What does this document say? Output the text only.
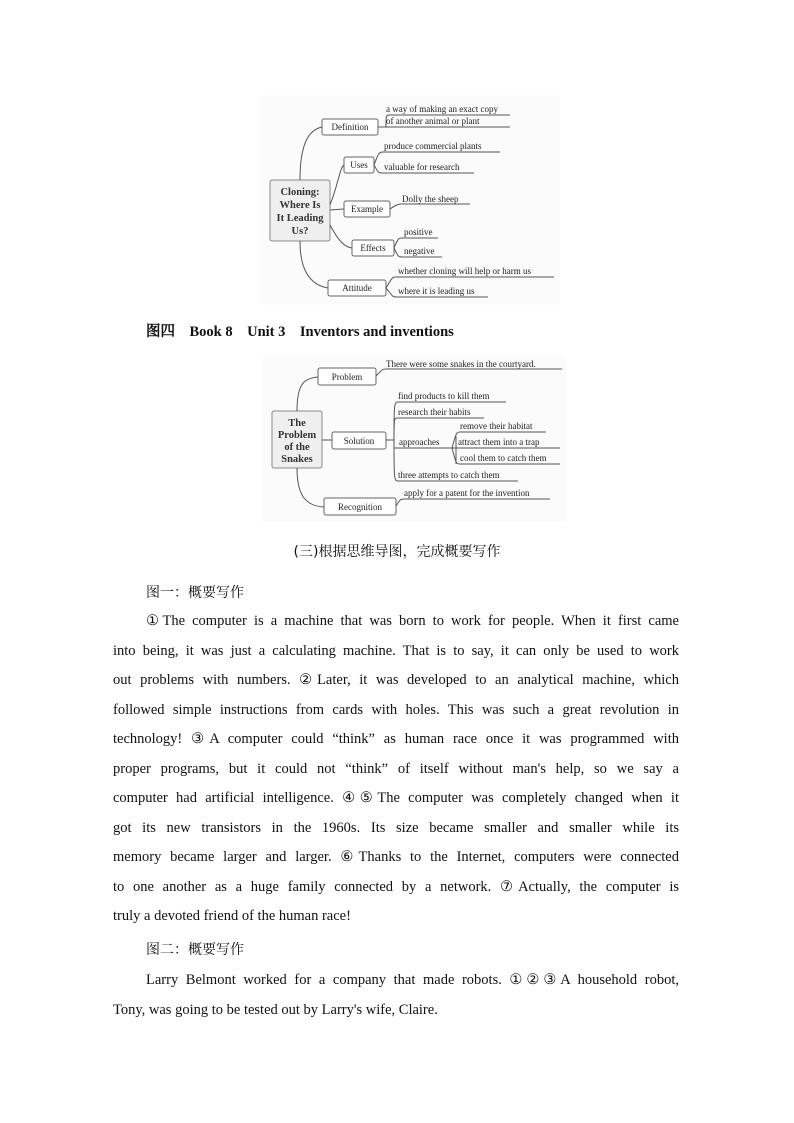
Cloning:
Where Is
It Leading
Us?
Definition
a way of making an exact copy
of another animal or plant
Uses
produce commercial plants
valuable for research
Example
Dolly the sheep
Effects
positive
negative
Attitude
whether cloning will help or harm us
where it is leading us
图四    Book 8    Unit 3    Inventors and inventions
The
Problem
of the
Snakes
Problem
There were some snakes in the courtyard.
Solution
find products to kill them
research their habits
approaches
remove their habitat
attract them into a trap
cool them to catch them
three attempts to catch them
Recognition
apply for a patent for the invention
(三)根据思维导图，完成概要写作
图一：概要写作
①The computer is a machine that was born to work for people. When it first came
into being, it was just a calculating machine. That is to say, it can only be used to work
out problems with numbers. ②Later, it was developed to an analytical machine, which
followed simple instructions from cards with holes. This was such a great revolution in
technology! ③A computer could “think” as human race once it was programmed with
proper programs, but it could not “think” of itself without man's help, so we say a
computer had artificial intelligence. ④⑤The computer was completely changed when it
got its new transistors in the 1960s. Its size became smaller and smaller while its
memory became larger and larger. ⑥Thanks to the Internet, computers were connected
to one another as a huge family connected by a network. ⑦Actually, the computer is
truly a devoted friend of the human race!
图二：概要写作
Larry Belmont worked for a company that made robots. ①②③A household robot,
Tony, was going to be tested out by Larry's wife, Claire.
